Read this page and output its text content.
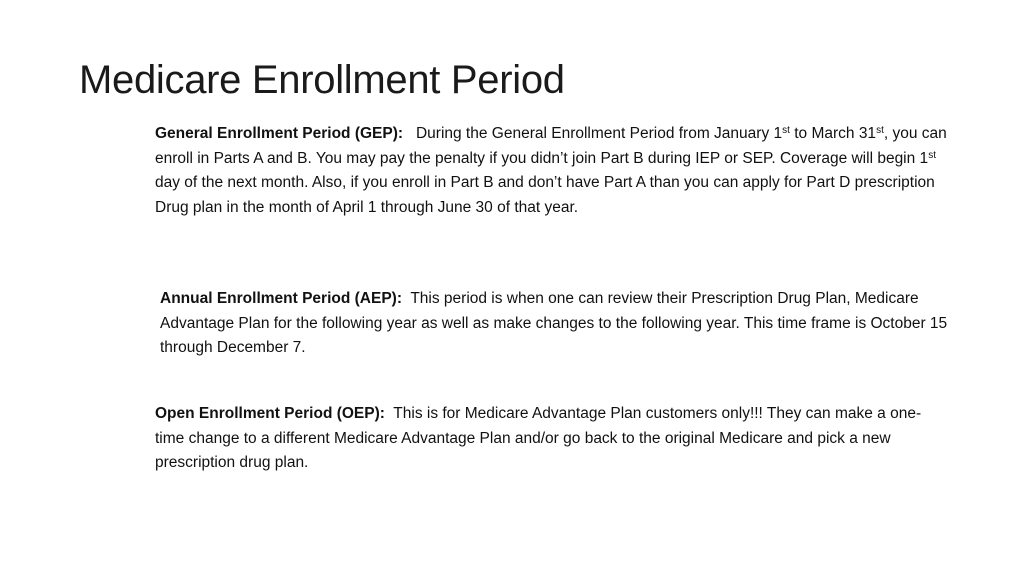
Medicare Enrollment Period
General Enrollment Period (GEP): During the General Enrollment Period from January 1st to March 31st, you can enroll in Parts A and B. You may pay the penalty if you didn’t join Part B during IEP or SEP. Coverage will begin 1st day of the next month. Also, if you enroll in Part B and don’t have Part A than you can apply for Part D prescription Drug plan in the month of April 1 through June 30 of that year.
Annual Enrollment Period (AEP): This period is when one can review their Prescription Drug Plan, Medicare Advantage Plan for the following year as well as make changes to the following year. This time frame is October 15 through December 7.
Open Enrollment Period (OEP): This is for Medicare Advantage Plan customers only!!! They can make a one-time change to a different Medicare Advantage Plan and/or go back to the original Medicare and pick a new prescription drug plan.
